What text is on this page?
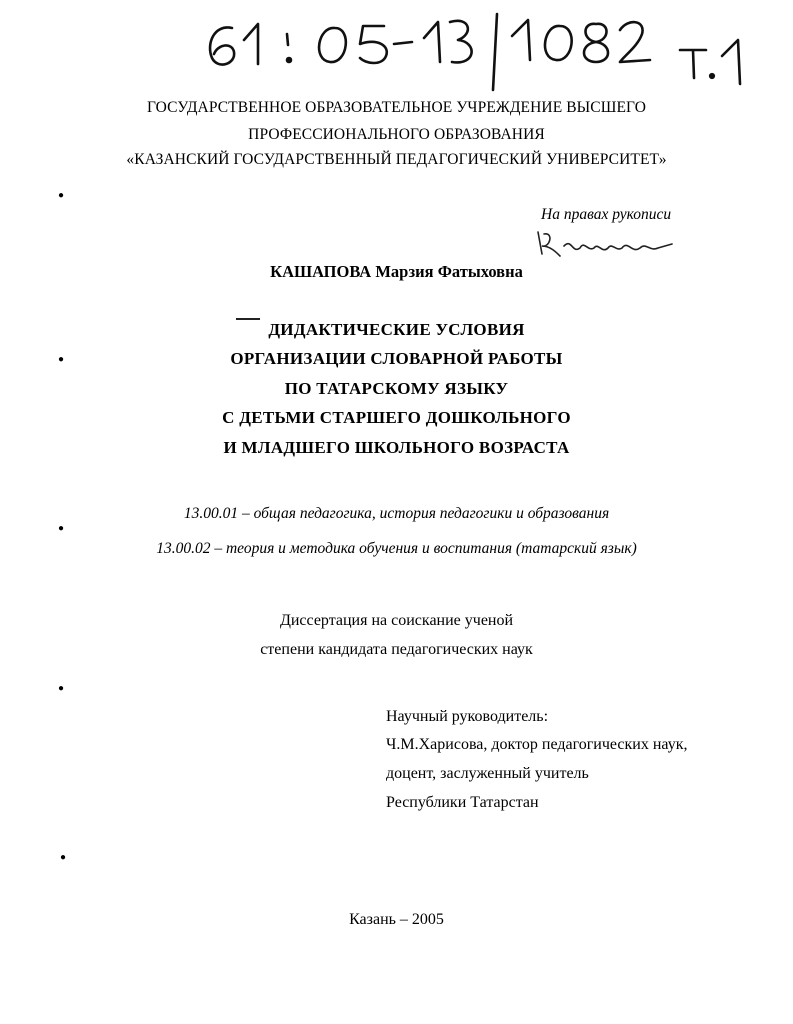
ГОСУДАРСТВЕННОЕ ОБРАЗОВАТЕЛЬНОЕ УЧРЕЖДЕНИЕ ВЫСШЕГО
ПРОФЕССИОНАЛЬНОГО ОБРАЗОВАНИЯ
«КАЗАНСКИЙ ГОСУДАРСТВЕННЫЙ ПЕДАГОГИЧЕСКИЙ УНИВЕРСИТЕТ»
На правах рукописи
КАШАПОВА Марзия Фатыховна
ДИДАКТИЧЕСКИЕ УСЛОВИЯ
ОРГАНИЗАЦИИ СЛОВАРНОЙ РАБОТЫ
ПО ТАТАРСКОМУ ЯЗЫКУ
С ДЕТЬМИ СТАРШЕГО ДОШКОЛЬНОГО
И МЛАДШЕГО ШКОЛЬНОГО ВОЗРАСТА
13.00.01 – общая педагогика, история педагогики и образования
13.00.02 – теория и методика обучения и воспитания (татарский язык)
Диссертация на соискание ученой
степени кандидата педагогических наук
Научный руководитель:
Ч.М.Харисова, доктор педагогических наук,
доцент, заслуженный учитель
Республики Татарстан
Казань – 2005
●
●
●
●
●
